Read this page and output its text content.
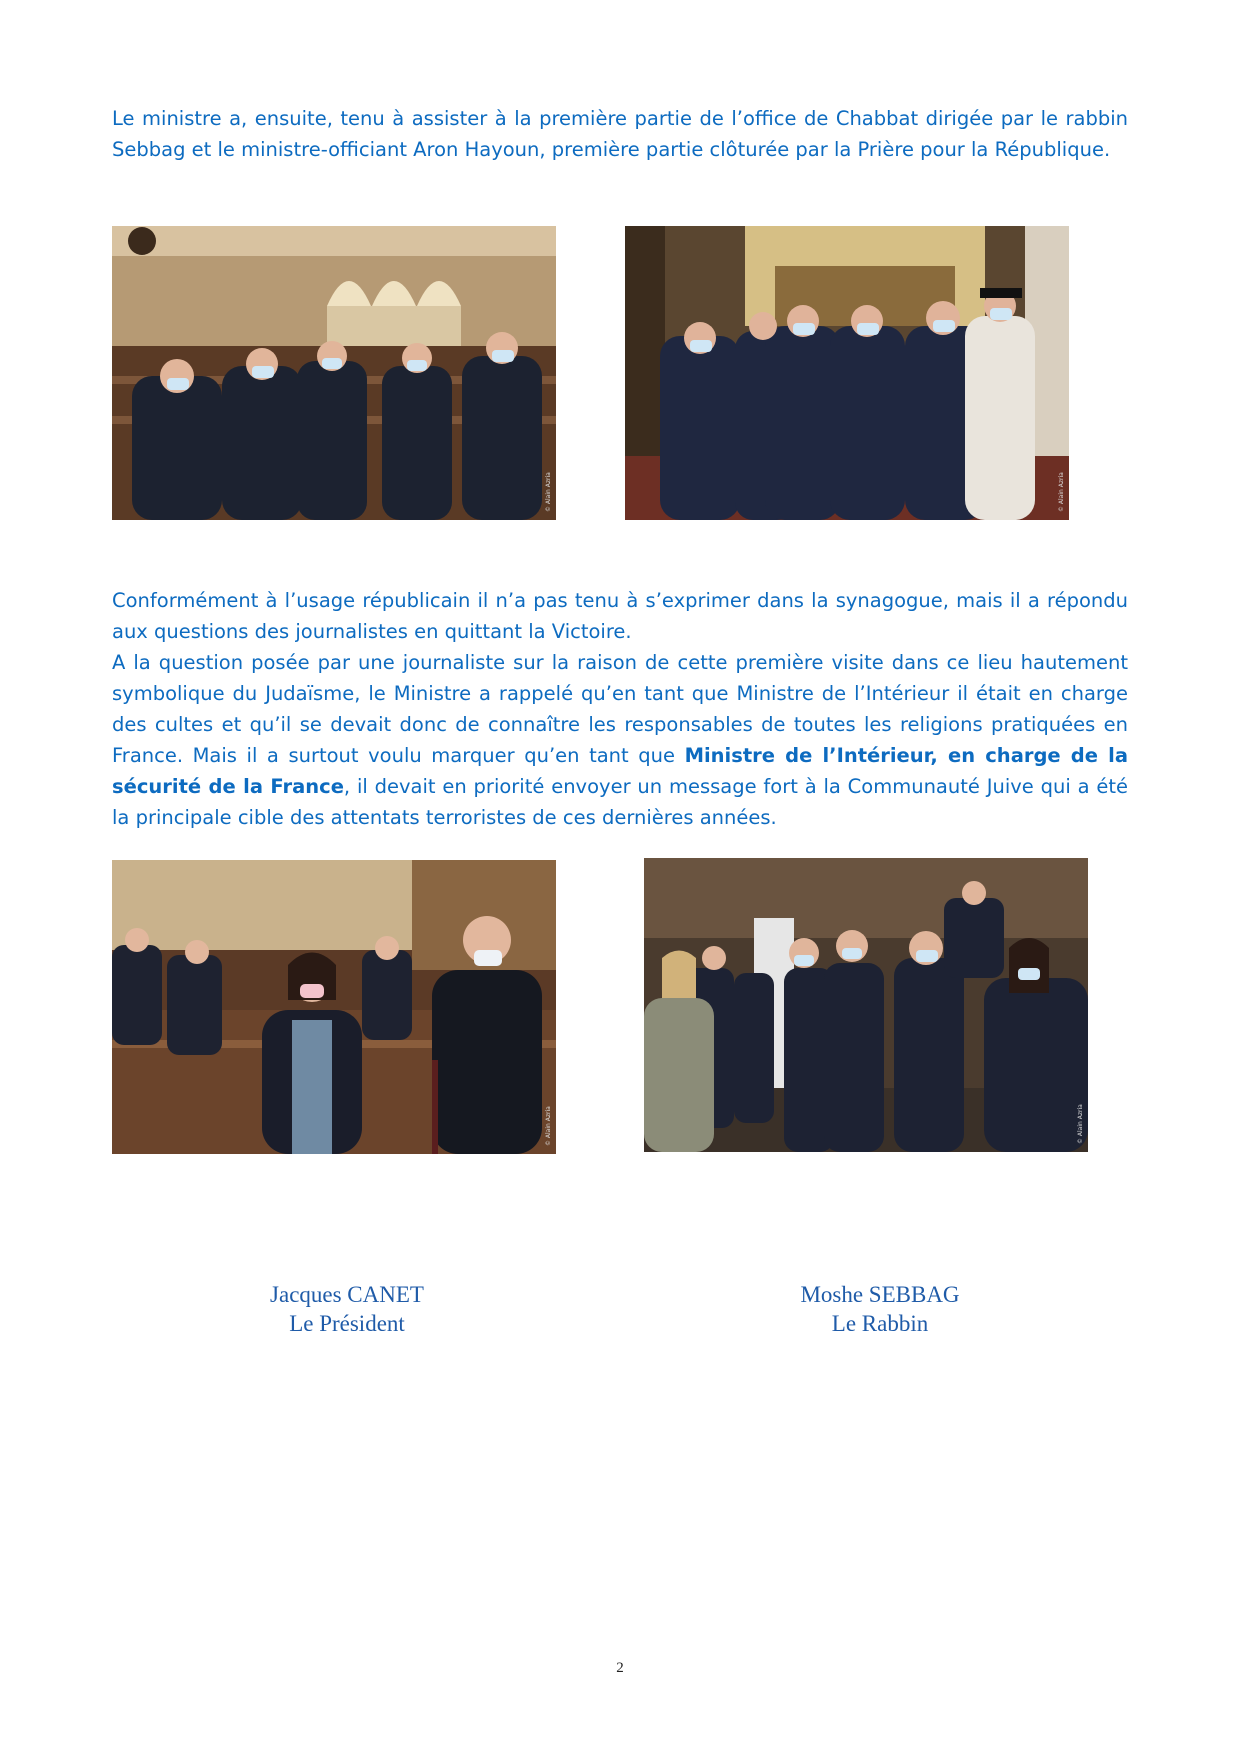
Le ministre a, ensuite, tenu à assister à la première partie de l’office de Chabbat dirigée par le rabbin Sebbag et le ministre-officiant Aron Hayoun, première partie clôturée par la Prière pour la République.

© Alain Azria	© Alain Azria
Conformément à l’usage républicain il n’a pas tenu à s’exprimer dans la synagogue, mais il a répondu aux questions des journalistes en quittant la Victoire.
A la question posée par une journaliste sur la raison de cette première visite dans ce lieu hautement symbolique du Judaïsme, le Ministre a rappelé qu’en tant que Ministre de l’Intérieur il était en charge des cultes et qu’il se devait donc de connaître les responsables de toutes les religions pratiquées en France. Mais il a surtout voulu marquer qu’en tant que Ministre de l’Intérieur, en charge de la sécurité de la France, il devait en priorité envoyer un message fort à la Communauté Juive qui a été la principale cible des attentats terroristes de ces dernières années.
© Alain Azria	© Alain Azria
Jacques CANET
Le Président
Moshe SEBBAG
Le Rabbin
2
